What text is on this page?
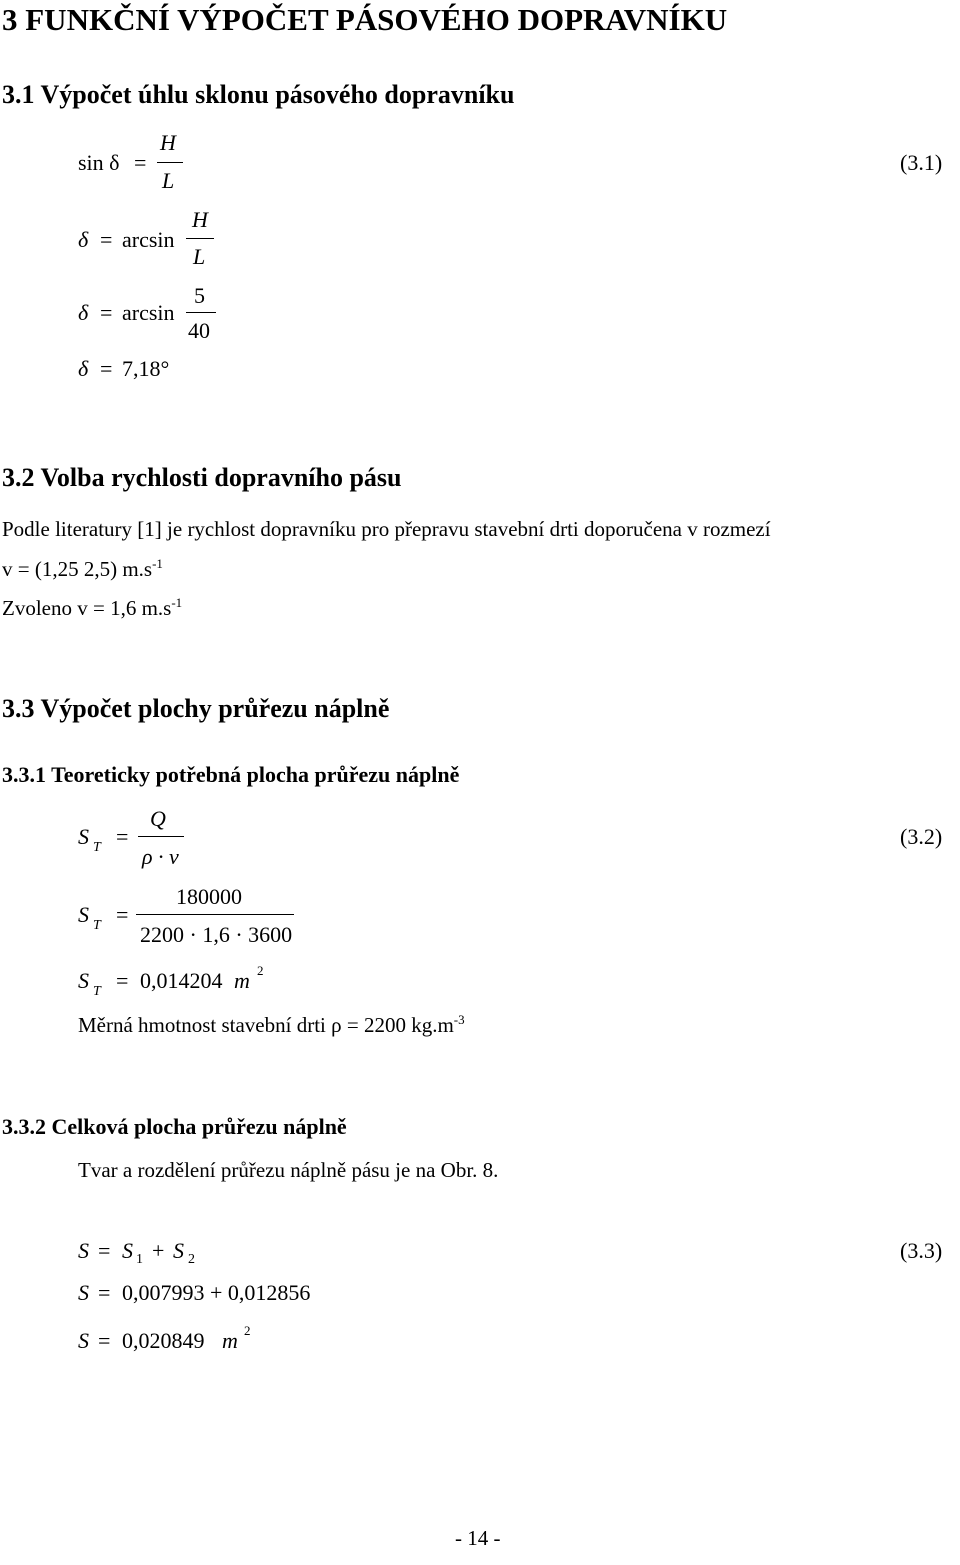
3 FUNKČNÍ VÝPOČET PÁSOVÉHO DOPRAVNÍKU
3.1 Výpočet úhlu sklonu pásového dopravníku
sin δ =
H
L
(3.1)
δ = arcsin
H
L
δ = arcsin
5
40
δ = 7,18°
3.2 Volba rychlosti dopravního pásu
Podle literatury [1] je rychlost dopravníku pro přepravu stavební drti doporučena v rozmezí
v = (1,25 2,5) $m.s^{-1}$
Zvoleno v = 1,6 $m.s^{-1}$
3.3 Výpočet plochy průřezu náplně
3.3.1 Teoreticky potřebná plocha průřezu náplně
S T =
Q
ρ · v
(3.2)
S T =
180000
2200 · 1,6 · 3600
S T = 0,014204 m 2
Měrná hmotnost stavební drti ρ = 2200 $kg.m^{-3}$
3.3.2 Celková plocha průřezu náplně
Tvar a rozdělení průřezu náplně pásu je na Obr. 8.
S = S 1 + S 2	(3.3)
S = 0,007993 + 0,012856
S = 0,020849 m 2
- 14 -
